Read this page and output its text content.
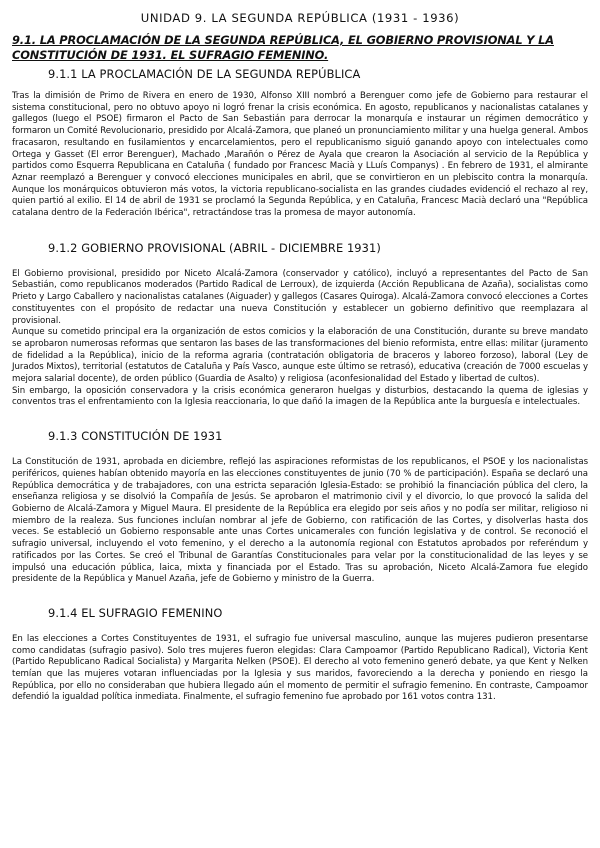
UNIDAD 9. LA SEGUNDA REPÚBLICA (1931 - 1936)
9.1. LA PROCLAMACIÓN DE LA SEGUNDA REPÚBLICA, EL GOBIERNO PROVISIONAL Y LA CONSTITUCIÓN DE 1931. EL SUFRAGIO FEMENINO.
9.1.1 LA PROCLAMACIÓN DE LA SEGUNDA REPÚBLICA

Tras la dimisión de Primo de Rivera en enero de 1930, Alfonso XIII nombró a Berenguer como jefe de Gobierno para restaurar el sistema constitucional, pero no obtuvo apoyo ni logró frenar la crisis económica. En agosto, republicanos y nacionalistas catalanes y gallegos (luego el PSOE) firmaron el Pacto de San Sebastián para derrocar la monarquía e instaurar un régimen democrático y formaron un Comité Revolucionario, presidido por Alcalá-Zamora, que planeó un pronunciamiento militar y una huelga general. Ambos fracasaron, resultando en fusilamientos y encarcelamientos, pero el republicanismo siguió ganando apoyo con intelectuales como Ortega y Gasset (El error Berenguer), Machado ,Marañón o Pérez de Ayala que crearon la Asociación al servicio de la República y partidos como Esquerra Republicana en Cataluña ( fundado por Francesc Macià y LLuís Companys) . En febrero de 1931, el almirante Aznar reemplazó a Berenguer y convocó elecciones municipales en abril, que se convirtieron en un plebiscito contra la monarquía. Aunque los monárquicos obtuvieron más votos, la victoria republicano-socialista en las grandes ciudades evidenció el rechazo al rey, quien partió al exilio. El 14 de abril de 1931 se proclamó la Segunda República, y en Cataluña, Francesc Macià declaró una "República catalana dentro de la Federación Ibérica", retractándose tras la promesa de mayor autonomía.

9.1.2 GOBIERNO PROVISIONAL (ABRIL - DICIEMBRE 1931)

El Gobierno provisional, presidido por Niceto Alcalá-Zamora (conservador y católico), incluyó a representantes del Pacto de San Sebastián, como republicanos moderados (Partido Radical de Lerroux), de izquierda (Acción Republicana de Azaña), socialistas como Prieto y Largo Caballero y nacionalistas catalanes (Aiguader) y gallegos (Casares Quiroga). Alcalá-Zamora convocó elecciones a Cortes constituyentes con el propósito de redactar una nueva Constitución y establecer un gobierno definitivo que reemplazara al provisional.

Aunque su cometido principal era la organización de estos comicios y la elaboración de una Constitución, durante su breve mandato se aprobaron numerosas reformas que sentaron las bases de las transformaciones del bienio reformista, entre ellas: militar (juramento de fidelidad a la República), inicio de la reforma agraria (contratación obligatoria de braceros y laboreo forzoso), laboral (Ley de Jurados Mixtos), territorial (estatutos de Cataluña y País Vasco, aunque este último se retrasó), educativa (creación de 7000 escuelas y mejora salarial docente), de orden público (Guardia de Asalto) y religiosa (aconfesionalidad del Estado y libertad de cultos).

Sin embargo, la oposición conservadora y la crisis económica generaron huelgas y disturbios, destacando la quema de iglesias y conventos tras el enfrentamiento con la Iglesia reaccionaria, lo que dañó la imagen de la República ante la burguesía e intelectuales.

9.1.3 CONSTITUCIÓN DE 1931

La Constitución de 1931, aprobada en diciembre, reflejó las aspiraciones reformistas de los republicanos, el PSOE y los nacionalistas periféricos, quienes habían obtenido mayoría en las elecciones constituyentes de junio (70 % de participación). España se declaró una República democrática y de trabajadores, con una estricta separación Iglesia-Estado: se prohibió la financiación pública del clero, la enseñanza religiosa y se disolvió la Compañía de Jesús. Se aprobaron el matrimonio civil y el divorcio, lo que provocó la salida del Gobierno de Alcalá-Zamora y Miguel Maura. El presidente de la República era elegido por seis años y no podía ser militar, religioso ni miembro de la realeza. Sus funciones incluían nombrar al jefe de Gobierno, con ratificación de las Cortes, y disolverlas hasta dos veces. Se estableció un Gobierno responsable ante unas Cortes unicamerales con función legislativa y de control. Se reconoció el sufragio universal, incluyendo el voto femenino, y el derecho a la autonomía regional con Estatutos aprobados por referéndum y ratificados por las Cortes. Se creó el Tribunal de Garantías Constitucionales para velar por la constitucionalidad de las leyes y se impulsó una educación pública, laica, mixta y financiada por el Estado. Tras su aprobación, Niceto Alcalá-Zamora fue elegido presidente de la República y Manuel Azaña, jefe de Gobierno y ministro de la Guerra.

9.1.4 EL SUFRAGIO FEMENINO

En las elecciones a Cortes Constituyentes de 1931, el sufragio fue universal masculino, aunque las mujeres pudieron presentarse como candidatas (sufragio pasivo). Solo tres mujeres fueron elegidas: Clara Campoamor (Partido Republicano Radical), Victoria Kent (Partido Republicano Radical Socialista) y Margarita Nelken (PSOE). El derecho al voto femenino generó debate, ya que Kent y Nelken temían que las mujeres votaran influenciadas por la Iglesia y sus maridos, favoreciendo a la derecha y poniendo en riesgo la República, por ello no consideraban que hubiera llegado aún el momento de permitir el sufragio femenino. En contraste, Campoamor defendió la igualdad política inmediata. Finalmente, el sufragio femenino fue aprobado por 161 votos contra 131.
